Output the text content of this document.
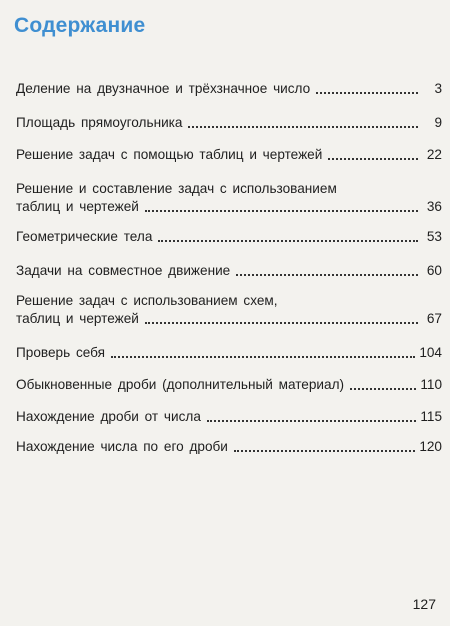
Содержание
Деление на двузначное и трёхзначное число	3
Площадь прямоугольника	9
Решение задач с помощью таблиц и чертежей	22
Решение и составление задач с использованием
таблиц и чертежей	36
Геометрические тела	53
Задачи на совместное движение	60
Решение задач с использованием схем,
таблиц и чертежей	67
Проверь себя	104
Обыкновенные дроби (дополнительный материал)	110
Нахождение дроби от числа	115
Нахождение числа по его дроби	120
127
